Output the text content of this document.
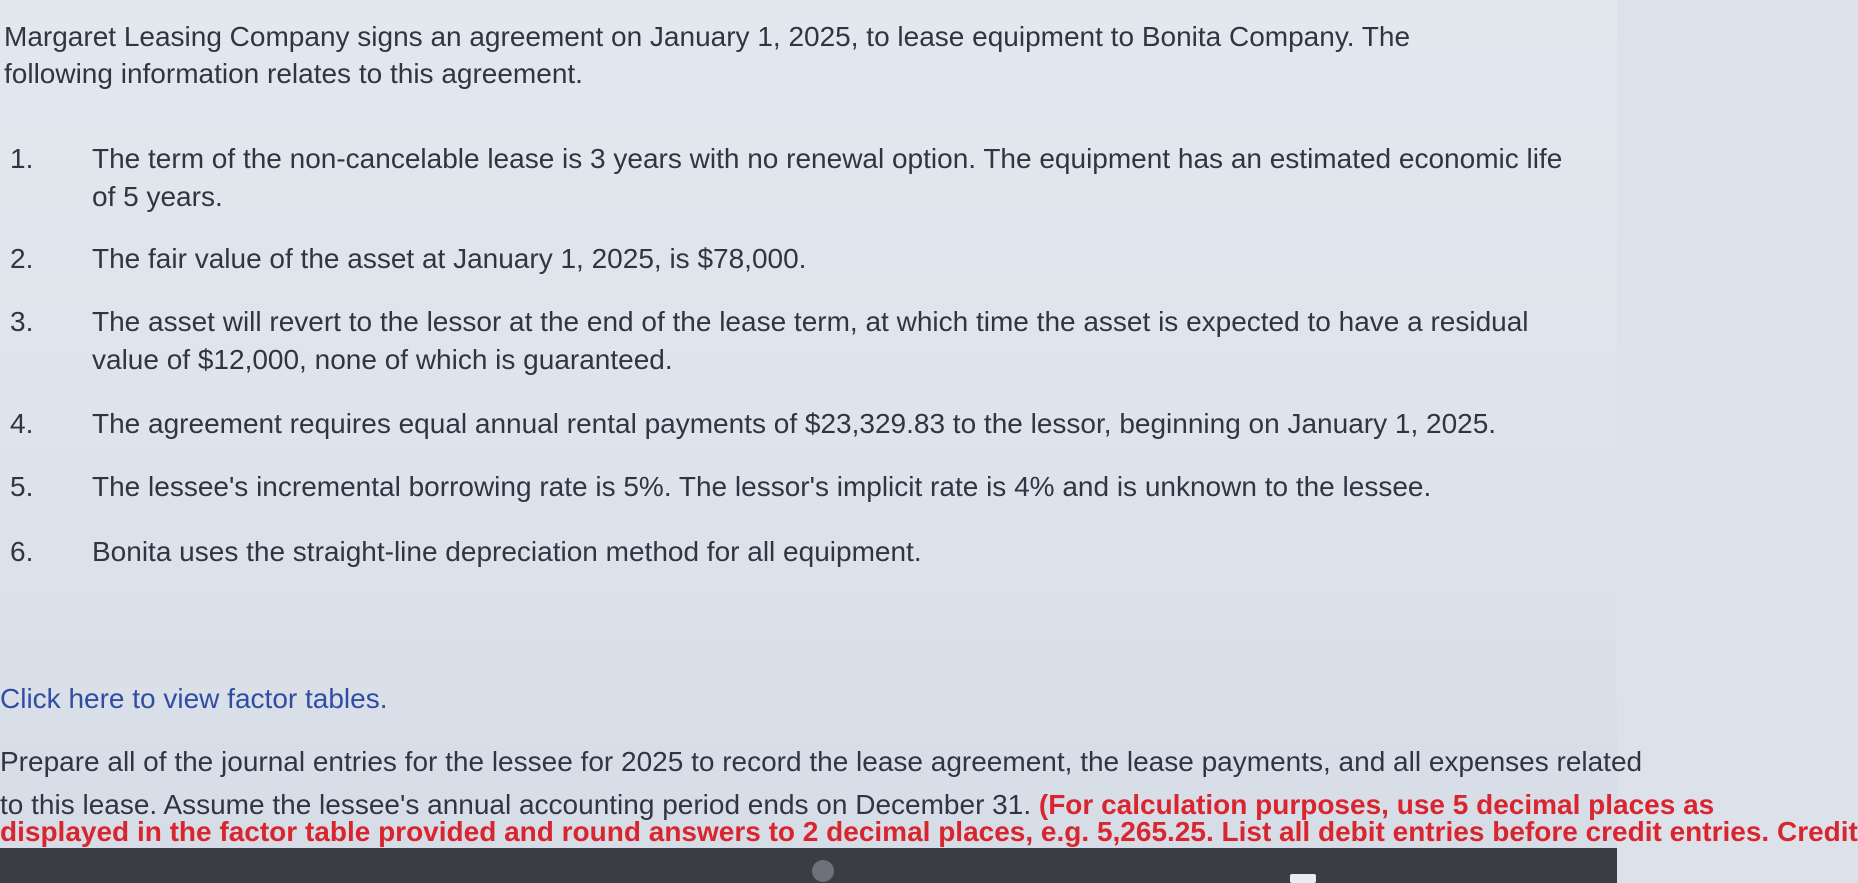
Margaret Leasing Company signs an agreement on January 1, 2025, to lease equipment to Bonita Company. The following information relates to this agreement.
1.	The term of the non-cancelable lease is 3 years with no renewal option. The equipment has an estimated economic life of 5 years.
2.	The fair value of the asset at January 1, 2025, is $78,000.
3.	The asset will revert to the lessor at the end of the lease term, at which time the asset is expected to have a residual value of $12,000, none of which is guaranteed.
4.	The agreement requires equal annual rental payments of $23,329.83 to the lessor, beginning on January 1, 2025.
5.	The lessee's incremental borrowing rate is 5%. The lessor's implicit rate is 4% and is unknown to the lessee.
6.	Bonita uses the straight-line depreciation method for all equipment.
Click here to view factor tables.
Prepare all of the journal entries for the lessee for 2025 to record the lease agreement, the lease payments, and all expenses related
to this lease. Assume the lessee's annual accounting period ends on December 31. (For calculation purposes, use 5 decimal places as
displayed in the factor table provided and round answers to 2 decimal places, e.g. 5,265.25. List all debit entries before credit entries. Credit
